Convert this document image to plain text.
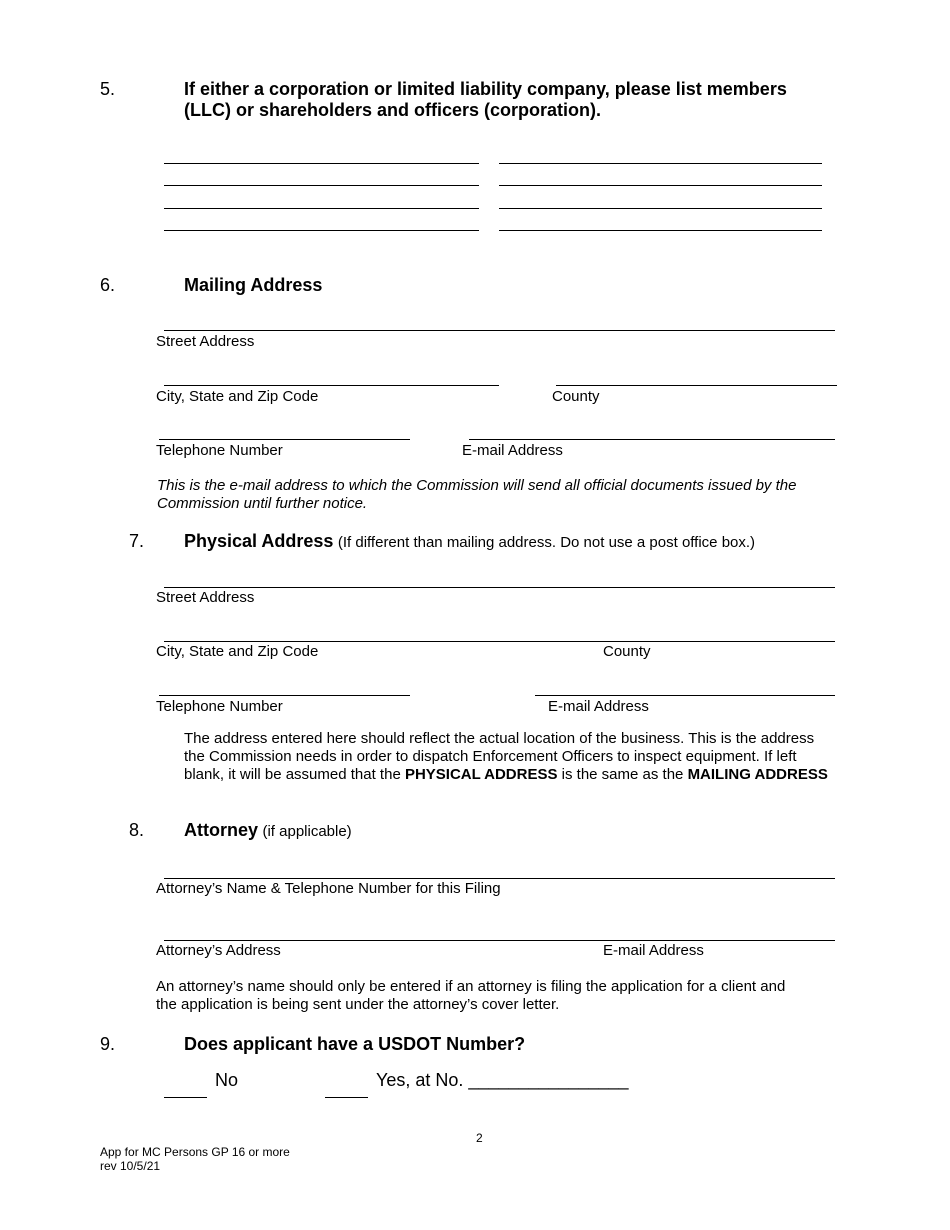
5.	If either a corporation or limited liability company, please list members
(LLC) or shareholders and officers (corporation).
6.	Mailing Address
Street Address
City, State and Zip Code	County
Telephone Number	E-mail Address
This is the e-mail address to which the Commission will send all official documents issued by the
Commission until further notice.
7. Physical Address (If different than mailing address. Do not use a post office box.)
Street Address
City, State and Zip Code	County
Telephone Number	E-mail Address
The address entered here should reflect the actual location of the business. This is the address
the Commission needs in order to dispatch Enforcement Officers to inspect equipment. If left
blank, it will be assumed that the PHYSICAL ADDRESS is the same as the MAILING ADDRESS
8. Attorney (if applicable)
Attorney’s Name & Telephone Number for this Filing
Attorney’s Address	E-mail Address
An attorney’s name should only be entered if an attorney is filing the application for a client and
the application is being sent under the attorney’s cover letter.
9.	Does applicant have a USDOT Number?
No	Yes, at No. ________________
2
App for MC Persons GP 16 or more
rev 10/5/21
